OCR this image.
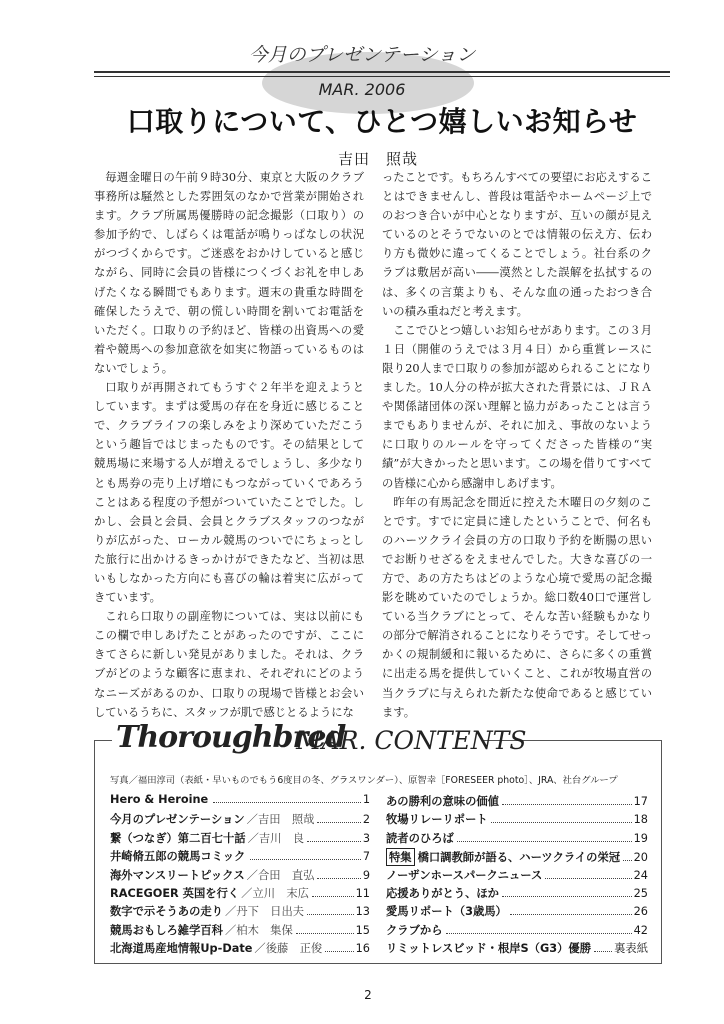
今月のプレゼンテーション
MAR. 2006
口取りについて、ひとつ嬉しいお知らせ
吉田　照哉

毎週金曜日の午前９時30分、東京と大阪のクラブ事務所は騒然とした雰囲気のなかで営業が開始されます。クラブ所属馬優勝時の記念撮影（口取り）の参加予約で、しばらくは電話が鳴りっぱなしの状況がつづくからです。ご迷惑をおかけしていると感じながら、同時に会員の皆様につくづくお礼を申しあげたくなる瞬間でもあります。週末の貴重な時間を確保したうえで、朝の慌しい時間を割いてお電話をいただく。口取りの予約ほど、皆様の出資馬への愛着や競馬への参加意欲を如実に物語っているものはないでしょう。

口取りが再開されてもうすぐ２年半を迎えようとしています。まずは愛馬の存在を身近に感じることで、クラブライフの楽しみをより深めていただこうという趣旨ではじまったものです。その結果として競馬場に来場する人が増えるでしょうし、多少なりとも馬券の売り上げ増にもつながっていくであろうことはある程度の予想がついていたことでした。しかし、会員と会員、会員とクラブスタッフのつながりが広がった、ローカル競馬のついでにちょっとした旅行に出かけるきっかけができたなど、当初は思いもしなかった方向にも喜びの輪は着実に広がってきています。

これら口取りの副産物については、実は以前にもこの欄で申しあげたことがあったのですが、ここにきてさらに新しい発見がありました。それは、クラブがどのような顧客に恵まれ、それぞれにどのようなニーズがあるのか、口取りの現場で皆様とお会いしているうちに、スタッフが肌で感じとるようにな

ったことです。もちろんすべての要望にお応えすることはできませんし、普段は電話やホームページ上でのおつき合いが中心となりますが、互いの顔が見えているのとそうでないのとでは情報の伝え方、伝わり方も微妙に違ってくることでしょう。社台系のクラブは敷居が高い――漠然とした誤解を払拭するのは、多くの言葉よりも、そんな血の通ったおつき合いの積み重ねだと考えます。

ここでひとつ嬉しいお知らせがあります。この３月１日（開催のうえでは３月４日）から重賞レースに限り20人まで口取りの参加が認められることになりました。10人分の枠が拡大された背景には、ＪＲＡや関係諸団体の深い理解と協力があったことは言うまでもありませんが、それに加え、事故のないように口取りのルールを守ってくださった皆様の“実績”が大きかったと思います。この場を借りてすべての皆様に心から感謝申しあげます。

昨年の有馬記念を間近に控えた木曜日の夕刻のことです。すでに定員に達したということで、何名ものハーツクライ会員の方の口取り予約を断腸の思いでお断りせざるをえませんでした。大きな喜びの一方で、あの方たちはどのような心境で愛馬の記念撮影を眺めていたのでしょうか。総口数40口で運営している当クラブにとって、そんな苦い経験もかなりの部分で解消されることになりそうです。そしてせっかくの規制緩和に報いるために、さらに多くの重賞に出走る馬を提供していくこと、これが牧場直営の当クラブに与えられた新たな使命であると感じています。

Thoroughbred
MAR. CONTENTS
写真／福田淳司（表紙・早いものでもう6度目の冬、グラスワンダー）、原智幸［FORESEER photo］、JRA、社台グループ
Hero & Heroine	1
今月のプレゼンテーション ／吉田　照哉	2
繋（つなぎ）第二百七十話 ／吉川　良	3
井崎脩五郎の競馬コミック	7
海外マンスリートピックス ／合田　直弘	9
RACEGOER 英国を行く ／立川　末広	11
数字で示そうあの走り ／丹下　日出夫	13
競馬おもしろ雑学百科 ／柏木　集保	15
北海道馬産地情報Up-Date ／後藤　正俊	16
あの勝利の意味の価値	17
牧場リレーリポート	18
読者のひろば	19
特集 橋口調教師が語る、ハーツクライの栄冠 20
ノーザンホースパークニュース	24
応援ありがとう、ほか	25
愛馬リポート（3歳馬）	26
クラブから	42
リミットレスビッド・根岸S（G3）優勝 裏表紙
2
